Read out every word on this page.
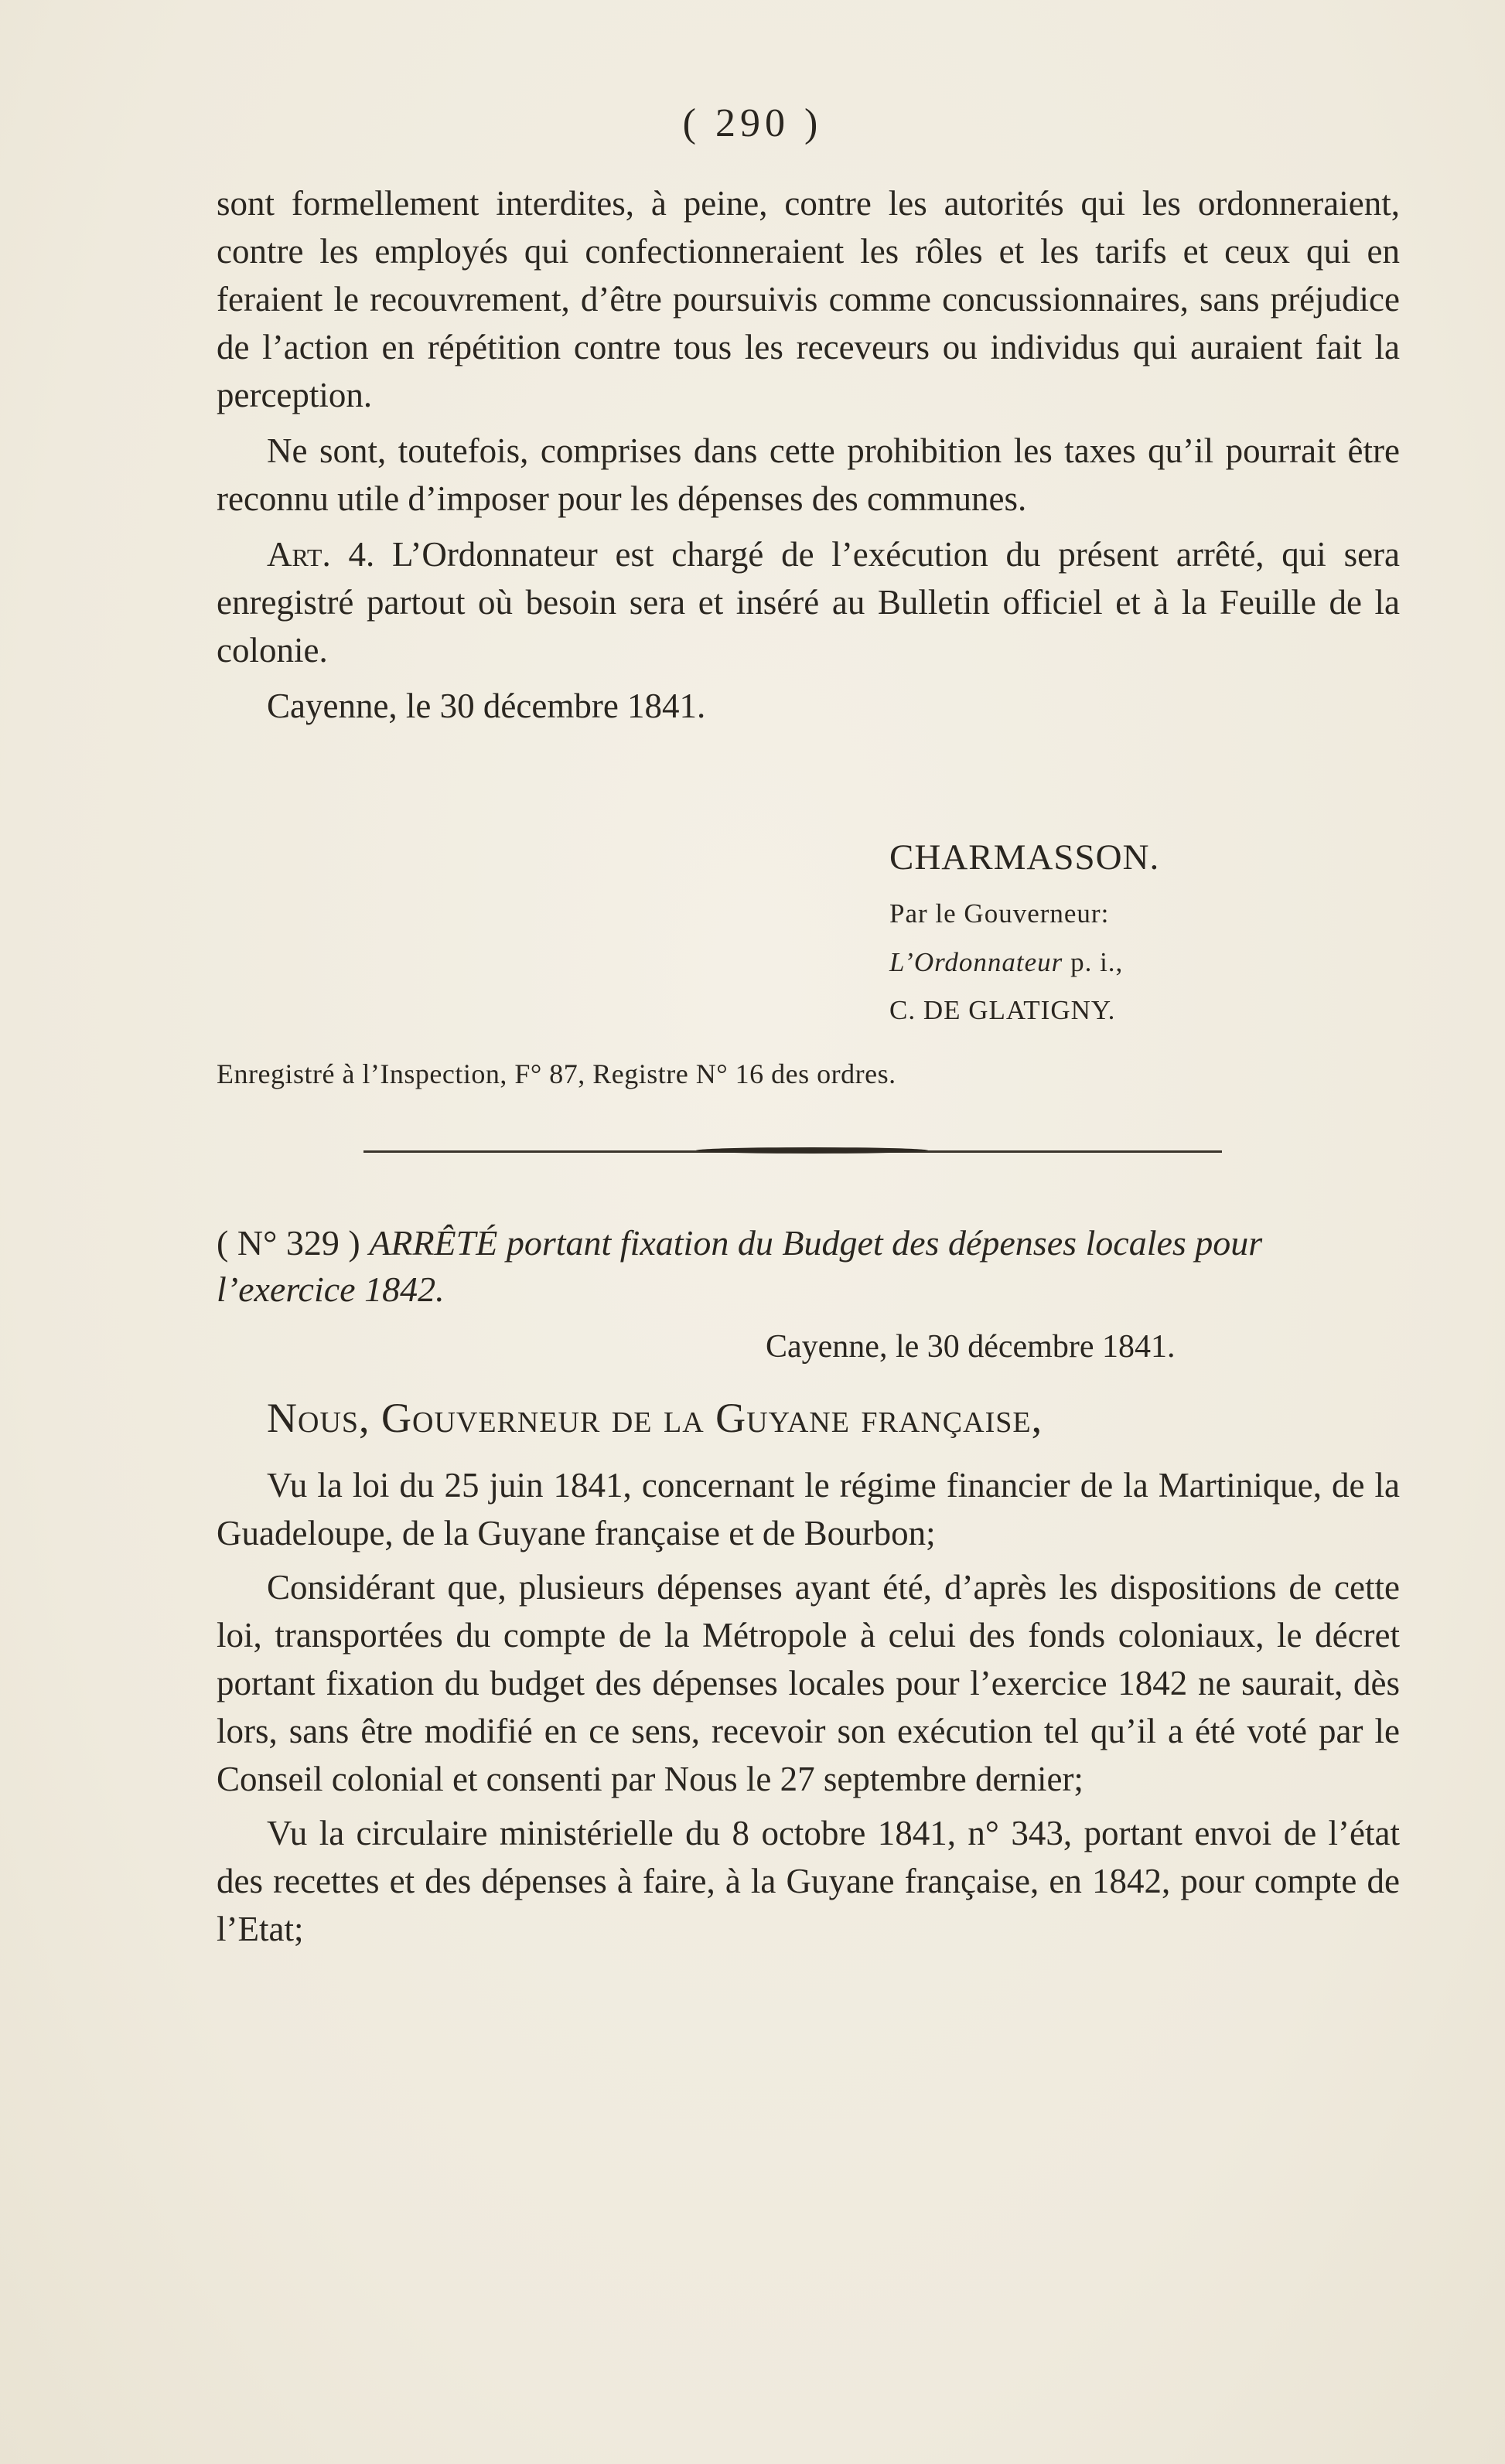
( 290 )

sont formellement interdites, à peine, contre les autorités qui les ordonneraient, contre les employés qui confectionneraient les rôles et les tarifs et ceux qui en feraient le recouvrement, d’être poursuivis comme concussionnaires, sans préjudice de l’action en répétition contre tous les receveurs ou individus qui auraient fait la perception.

Ne sont, toutefois, comprises dans cette prohibition les taxes qu’il pourrait être reconnu utile d’imposer pour les dépenses des communes.

Art. 4. L’Ordonnateur est chargé de l’exécution du présent arrêté, qui sera enregistré partout où besoin sera et inséré au Bulletin officiel et à la Feuille de la colonie.

Cayenne, le 30 décembre 1841.

CHARMASSON.
Par le Gouverneur:
L’Ordonnateur p. i.,
C. DE GLATIGNY.
Enregistré à l’Inspection, F° 87, Registre N° 16 des ordres.
( N° 329 ) ARRÊTÉ portant fixation du Budget des dépenses locales pour l’exercice 1842.
Cayenne, le 30 décembre 1841.
Nous, Gouverneur de la Guyane française,

Vu la loi du 25 juin 1841, concernant le régime financier de la Martinique, de la Guadeloupe, de la Guyane française et de Bourbon;

Considérant que, plusieurs dépenses ayant été, d’après les dispositions de cette loi, transportées du compte de la Métropole à celui des fonds coloniaux, le décret portant fixation du budget des dépenses locales pour l’exercice 1842 ne saurait, dès lors, sans être modifié en ce sens, recevoir son exécution tel qu’il a été voté par le Conseil colonial et consenti par Nous le 27 septembre dernier;

Vu la circulaire ministérielle du 8 octobre 1841, n° 343, portant envoi de l’état des recettes et des dépenses à faire, à la Guyane française, en 1842, pour compte de l’Etat;
